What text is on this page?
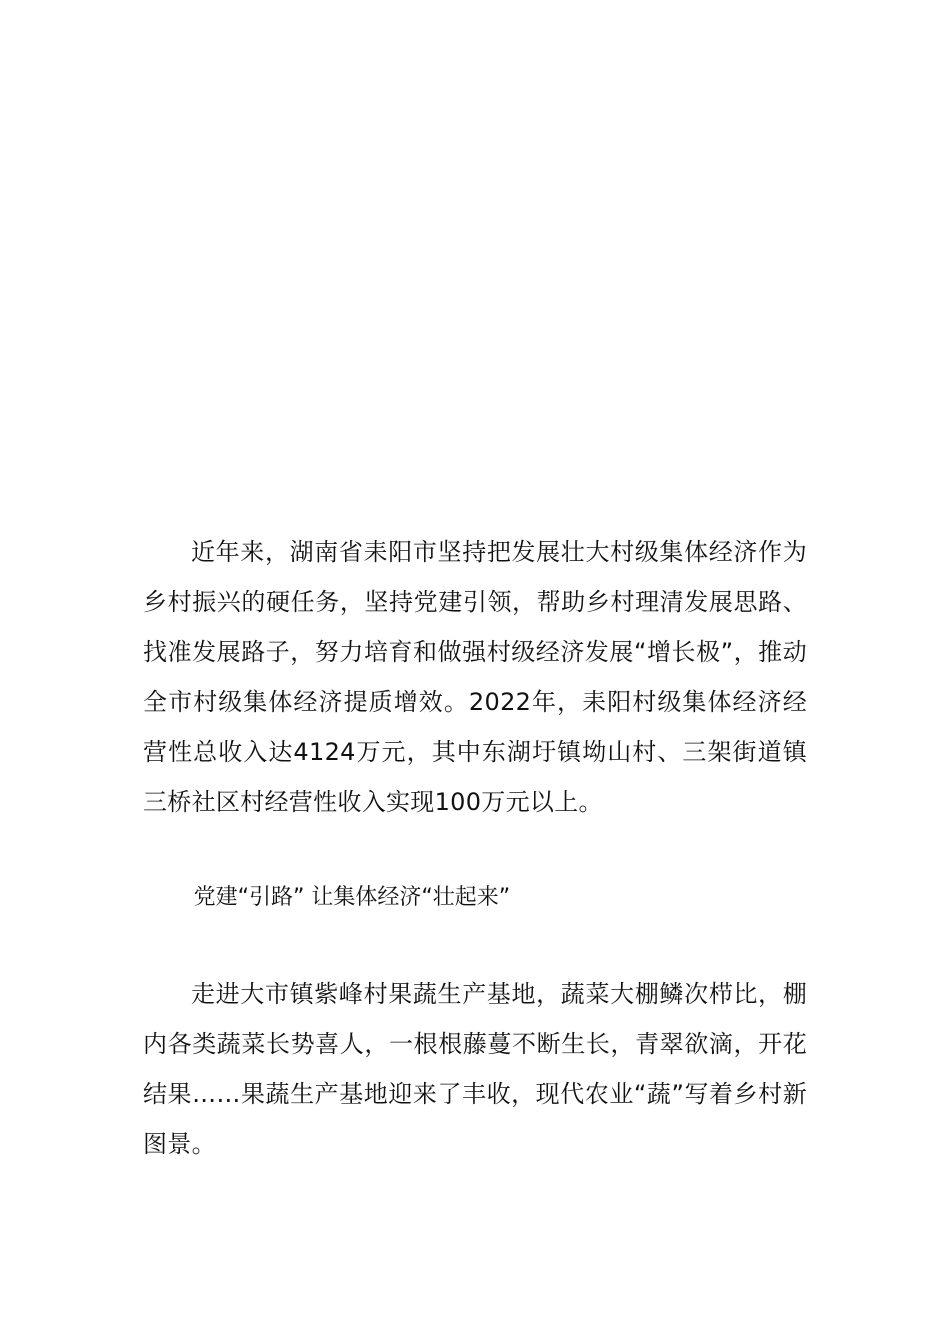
近年来，湖南省耒阳市坚持把发展壮大村级集体经济作为乡村振兴的硬任务，坚持党建引领，帮助乡村理清发展思路、找准发展路子，努力培育和做强村级经济发展“增长极”，推动全市村级集体经济提质增效。2022年，耒阳村级集体经济经营性总收入达4124万元，其中东湖圩镇坳山村、三架街道镇三桥社区村经营性收入实现100万元以上。

党建“引路” 让集体经济“壮起来”

走进大市镇紫峰村果蔬生产基地，蔬菜大棚鳞次栉比，棚内各类蔬菜长势喜人，一根根藤蔓不断生长，青翠欲滴，开花结果……果蔬生产基地迎来了丰收，现代农业“蔬”写着乡村新图景。
